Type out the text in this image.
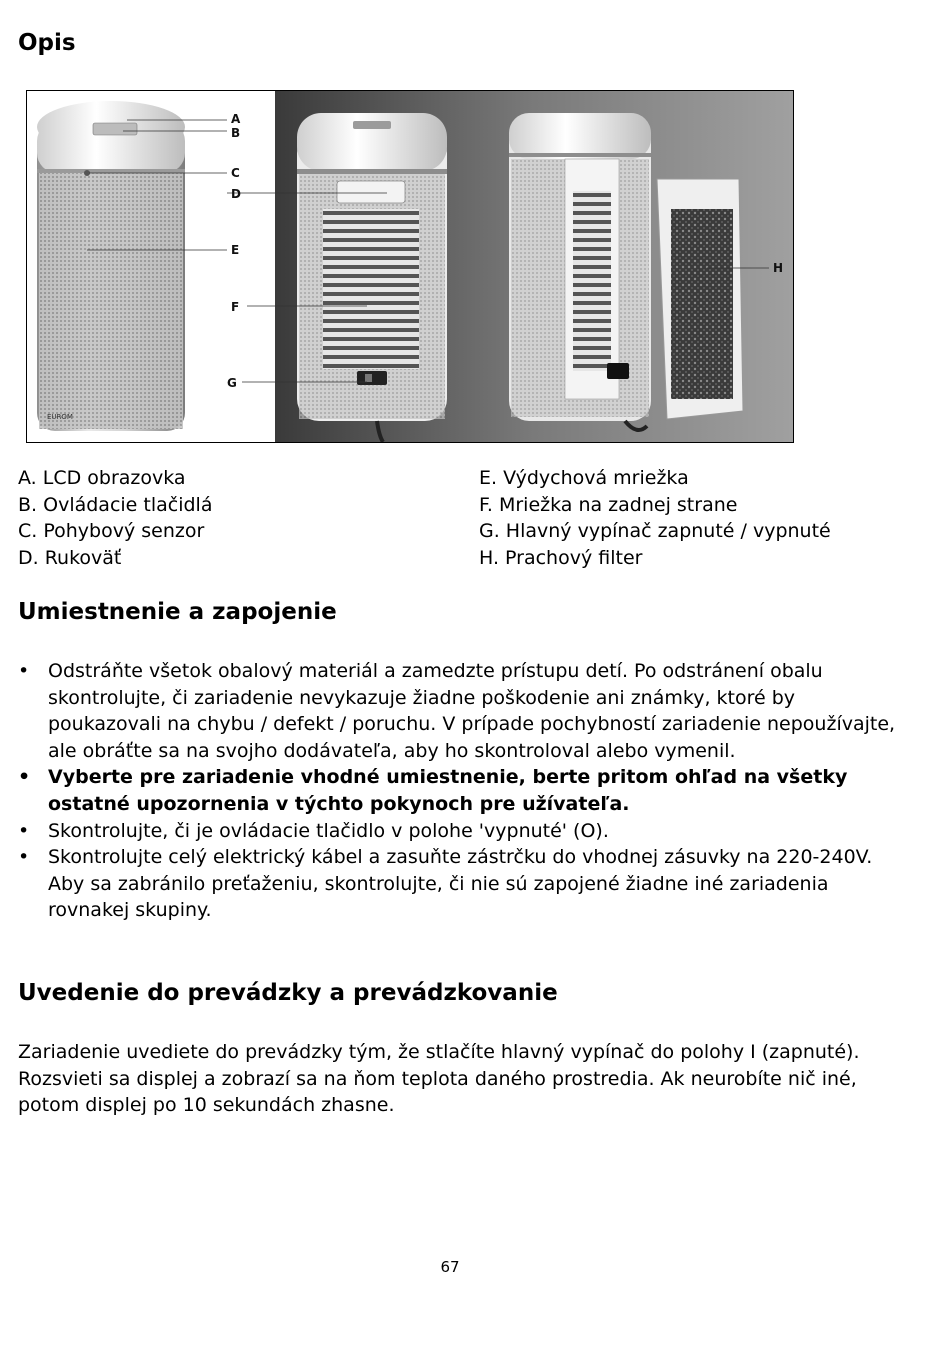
Opis
EUROM
A
B
C
D
E
F
G
H
A. LCD obrazovka
B. Ovládacie tlačidlá
C. Pohybový senzor
D. Rukoväť
E. Výdychová mriežka
F. Mriežka na zadnej strane
G. Hlavný vypínač zapnuté / vypnuté
H. Prachový filter
Umiestnenie a zapojenie
• Odstráňte všetok obalový materiál a zamedzte prístupu detí. Po odstránení obalu skontrolujte, či zariadenie nevykazuje žiadne poškodenie ani známky, ktoré by poukazovali na chybu / defekt / poruchu. V prípade pochybností zariadenie nepoužívajte, ale obráťte sa na svojho dodávateľa, aby ho skontroloval alebo vymenil.
• Vyberte pre zariadenie vhodné umiestnenie, berte pritom ohľad na všetky ostatné upozornenia v týchto pokynoch pre užívateľa.
• Skontrolujte, či je ovládacie tlačidlo v polohe 'vypnuté' (O).
• Skontrolujte celý elektrický kábel a zasuňte zástrčku do vhodnej zásuvky na 220-240V. Aby sa zabránilo preťaženiu, skontrolujte, či nie sú zapojené žiadne iné zariadenia rovnakej skupiny.
Uvedenie do prevádzky a prevádzkovanie

Zariadenie uvediete do prevádzky tým, že stlačíte hlavný vypínač do polohy I (zapnuté). Rozsvieti sa displej a zobrazí sa na ňom teplota daného prostredia. Ak neurobíte nič iné, potom displej po 10 sekundách zhasne.

67
